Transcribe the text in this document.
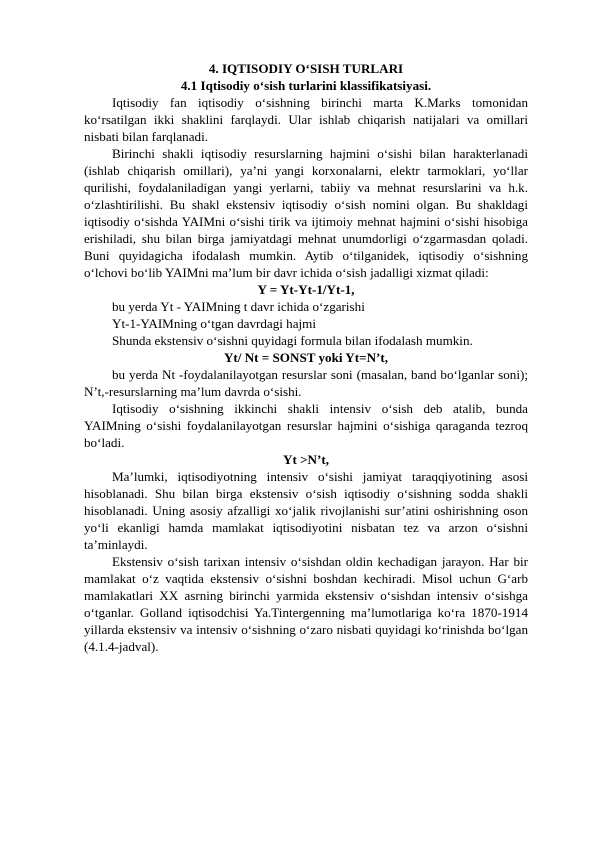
4. IQTISODIY O‘SISH TURLARI

4.1 Iqtisodiy o‘sish turlarini klassifikatsiyasi.

Iqtisodiy fan iqtisodiy o‘sishning birinchi marta K.Marks tomonidan ko‘rsatilgan ikki shaklini farqlaydi. Ular ishlab chiqarish natijalari va omillari nisbati bilan farqlanadi.

Birinchi shakli iqtisodiy resurslarning hajmini o‘sishi bilan harakterlanadi (ishlab chiqarish omillari), ya’ni yangi korxonalarni, elektr tarmoklari, yo‘llar qurilishi, foydalaniladigan yangi yerlarni, tabiiy va mehnat resurslarini va h.k. o‘zlashtirilishi. Bu shakl ekstensiv iqtisodiy o‘sish nomini olgan. Bu shakldagi iqtisodiy o‘sishda YAIMni o‘sishi tirik va ijtimoiy mehnat hajmini o‘sishi hisobiga erishiladi, shu bilan birga jamiyatdagi mehnat unumdorligi o‘zgarmasdan qoladi. Buni quyidagicha ifodalash mumkin. Aytib o‘tilganidek, iqtisodiy o‘sishning o‘lchovi bo‘lib YAIMni ma’lum bir davr ichida o‘sish jadalligi xizmat qiladi:

Y = Yt-Yt-1/Yt-1,

bu yerda Yt - YAIMning t davr ichida o‘zgarishi

Yt-1-YAIMning o‘tgan davrdagi hajmi

Shunda ekstensiv o‘sishni quyidagi formula bilan ifodalash mumkin.

Yt/ Nt = SONST yoki Yt=N’t,

bu yerda Nt -foydalanilayotgan resurslar soni (masalan, band bo‘lganlar soni); N’t,-resurslarning ma’lum davrda o‘sishi.

Iqtisodiy o‘sishning ikkinchi shakli intensiv o‘sish deb atalib, bunda YAIMning o‘sishi foydalanilayotgan resurslar hajmini o‘sishiga qaraganda tezroq bo‘ladi.

Yt >N’t,

Ma’lumki, iqtisodiyotning intensiv o‘sishi jamiyat taraqqiyotining asosi hisoblanadi. Shu bilan birga ekstensiv o‘sish iqtisodiy o‘sishning sodda shakli hisoblanadi. Uning asosiy afzalligi xo‘jalik rivojlanishi sur’atini oshirishning oson yo‘li ekanligi hamda mamlakat iqtisodiyotini nisbatan tez va arzon o‘sishni ta’minlaydi.

Ekstensiv o‘sish tarixan intensiv o‘sishdan oldin kechadigan jarayon. Har bir mamlakat o‘z vaqtida ekstensiv o‘sishni boshdan kechiradi. Misol uchun G‘arb mamlakatlari XX asrning birinchi yarmida ekstensiv o‘sishdan intensiv o‘sishga o‘tganlar. Golland iqtisodchisi Ya.Tintergenning ma’lumotlariga ko‘ra 1870-1914 yillarda ekstensiv va intensiv o‘sishning o‘zaro nisbati quyidagi ko‘rinishda bo‘lgan (4.1.4-jadval).
